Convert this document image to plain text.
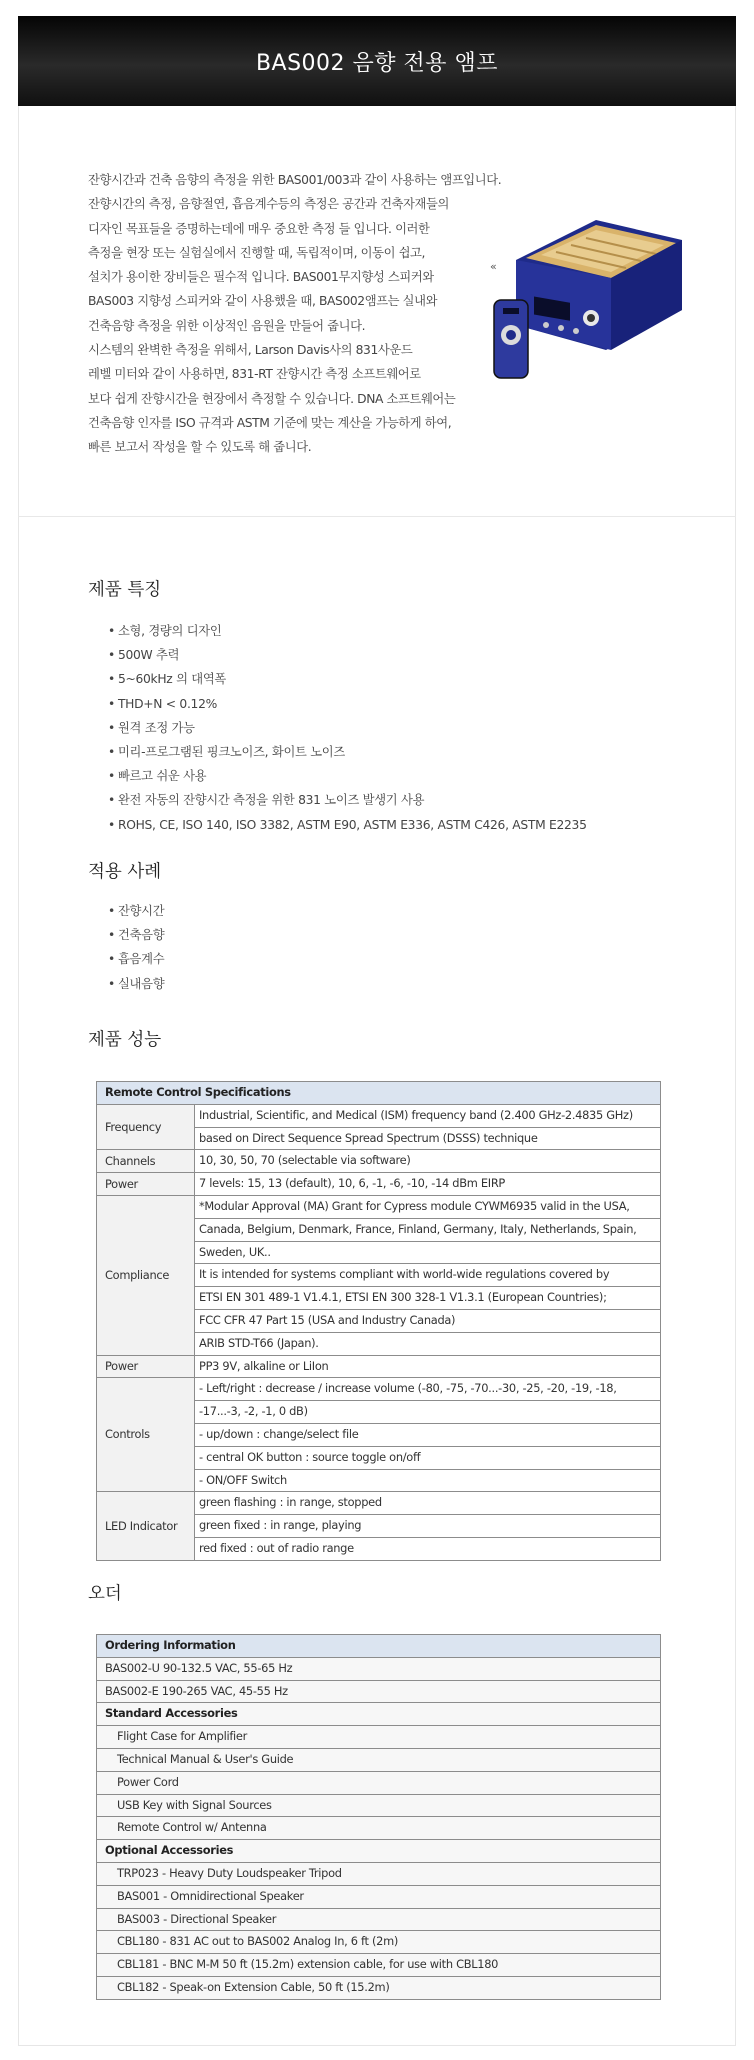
BAS002 음향 전용 앰프
잔향시간과 건축 음향의 측정을 위한 BAS001/003과 같이 사용하는 앰프입니다.
잔향시간의 측정, 음향절연, 흡음계수등의 측정은 공간과 건축자재들의
디자인 목표들을 증명하는데에 매우 중요한 측정 들 입니다. 이러한
측정을 현장 또는 실험실에서 진행할 때, 독립적이며, 이동이 쉽고,
설치가 용이한 장비들은 필수적 입니다. BAS001무지향성 스피커와
BAS003 지향성 스피커와 같이 사용했을 때, BAS002앰프는 실내와
건축음향 측정을 위한 이상적인 음원을 만들어 줍니다.
시스템의 완벽한 측정을 위해서, Larson Davis사의 831사운드
레벨 미터와 같이 사용하면, 831-RT 잔향시간 측정 소프트웨어로
보다 쉽게 잔향시간을 현장에서 측정할 수 있습니다. DNA 소프트웨어는
건축음향 인자를 ISO 규격과 ASTM 기준에 맞는 계산을 가능하게 하여,
빠른 보고서 작성을 할 수 있도록 해 줍니다.
«
제품 특징
• 소형, 경량의 디자인
• 500W 추력
• 5~60kHz 의 대역폭
• THD+N < 0.12%
• 원격 조정 가능
• 미리-프로그램된 핑크노이즈, 화이트 노이즈
• 빠르고 쉬운 사용
• 완전 자동의 잔향시간 측정을 위한 831 노이즈 발생기 사용
• ROHS, CE, ISO 140, ISO 3382, ASTM E90, ASTM E336, ASTM C426, ASTM E2235
적용 사례
• 잔향시간
• 건축음향
• 흡음계수
• 실내음향
제품 성능
Remote Control Specifications	
Frequency	Industrial, Scientific, and Medical (ISM) frequency band (2.400 GHz-2.4835 GHz)
	based on Direct Sequence Spread Spectrum (DSSS) technique
Channels	10, 30, 50, 70 (selectable via software)
Power	7 levels: 15, 13 (default), 10, 6, -1, -6, -10, -14 dBm EIRP
Compliance	*Modular Approval (MA) Grant for Cypress module CYWM6935 valid in the USA,
	Canada, Belgium, Denmark, France, Finland, Germany, Italy, Netherlands, Spain,
	Sweden, UK..
	It is intended for systems compliant with world-wide regulations covered by
	ETSI EN 301 489-1 V1.4.1, ETSI EN 300 328-1 V1.3.1 (European Countries);
	FCC CFR 47 Part 15 (USA and Industry Canada)
	ARIB STD-T66 (Japan).
Power	PP3 9V, alkaline or LiIon
Controls	- Left/right : decrease / increase volume (-80, -75, -70...-30, -25, -20, -19, -18,
	-17...-3, -2, -1, 0 dB)
	- up/down : change/select file
	- central OK button : source toggle on/off
	- ON/OFF Switch
LED Indicator	green flashing : in range, stopped
	green fixed : in range, playing
	red fixed : out of radio range
오더
Ordering Information
BAS002-U 90-132.5 VAC, 55-65 Hz
BAS002-E 190-265 VAC, 45-55 Hz
Standard Accessories
Flight Case for Amplifier
Technical Manual & User's Guide
Power Cord
USB Key with Signal Sources
Remote Control w/ Antenna
Optional Accessories
TRP023 - Heavy Duty Loudspeaker Tripod
BAS001 - Omnidirectional Speaker
BAS003 - Directional Speaker
CBL180 - 831 AC out to BAS002 Analog In, 6 ft (2m)
CBL181 - BNC M-M 50 ft (15.2m) extension cable, for use with CBL180
CBL182 - Speak-on Extension Cable, 50 ft (15.2m)
